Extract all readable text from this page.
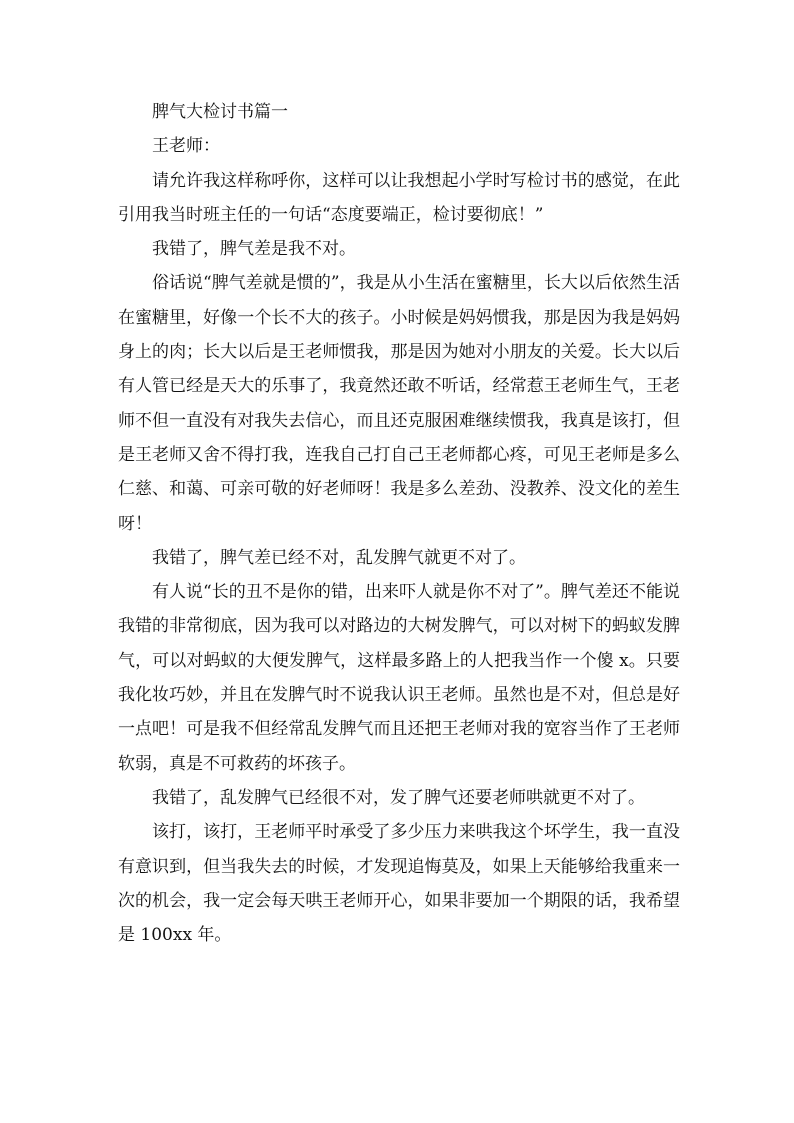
脾气大检讨书篇一

王老师：

请允许我这样称呼你，这样可以让我想起小学时写检讨书的感觉，在此引用我当时班主任的一句话“态度要端正，检讨要彻底！”

我错了，脾气差是我不对。

俗话说“脾气差就是惯的”，我是从小生活在蜜糖里，长大以后依然生活在蜜糖里，好像一个长不大的孩子。小时候是妈妈惯我，那是因为我是妈妈身上的肉；长大以后是王老师惯我，那是因为她对小朋友的关爱。长大以后有人管已经是天大的乐事了，我竟然还敢不听话，经常惹王老师生气，王老师不但一直没有对我失去信心，而且还克服困难继续惯我，我真是该打，但是王老师又舍不得打我，连我自己打自己王老师都心疼，可见王老师是多么仁慈、和蔼、可亲可敬的好老师呀！我是多么差劲、没教养、没文化的差生呀！

我错了，脾气差已经不对，乱发脾气就更不对了。

有人说“长的丑不是你的错，出来吓人就是你不对了”。脾气差还不能说我错的非常彻底，因为我可以对路边的大树发脾气，可以对树下的蚂蚁发脾气，可以对蚂蚁的大便发脾气，这样最多路上的人把我当作一个傻 x。只要我化妆巧妙，并且在发脾气时不说我认识王老师。虽然也是不对，但总是好一点吧！可是我不但经常乱发脾气而且还把王老师对我的宽容当作了王老师软弱，真是不可救药的坏孩子。

我错了，乱发脾气已经很不对，发了脾气还要老师哄就更不对了。

该打，该打，王老师平时承受了多少压力来哄我这个坏学生，我一直没有意识到，但当我失去的时候，才发现追悔莫及，如果上天能够给我重来一次的机会，我一定会每天哄王老师开心，如果非要加一个期限的话，我希望是 100xx 年。
